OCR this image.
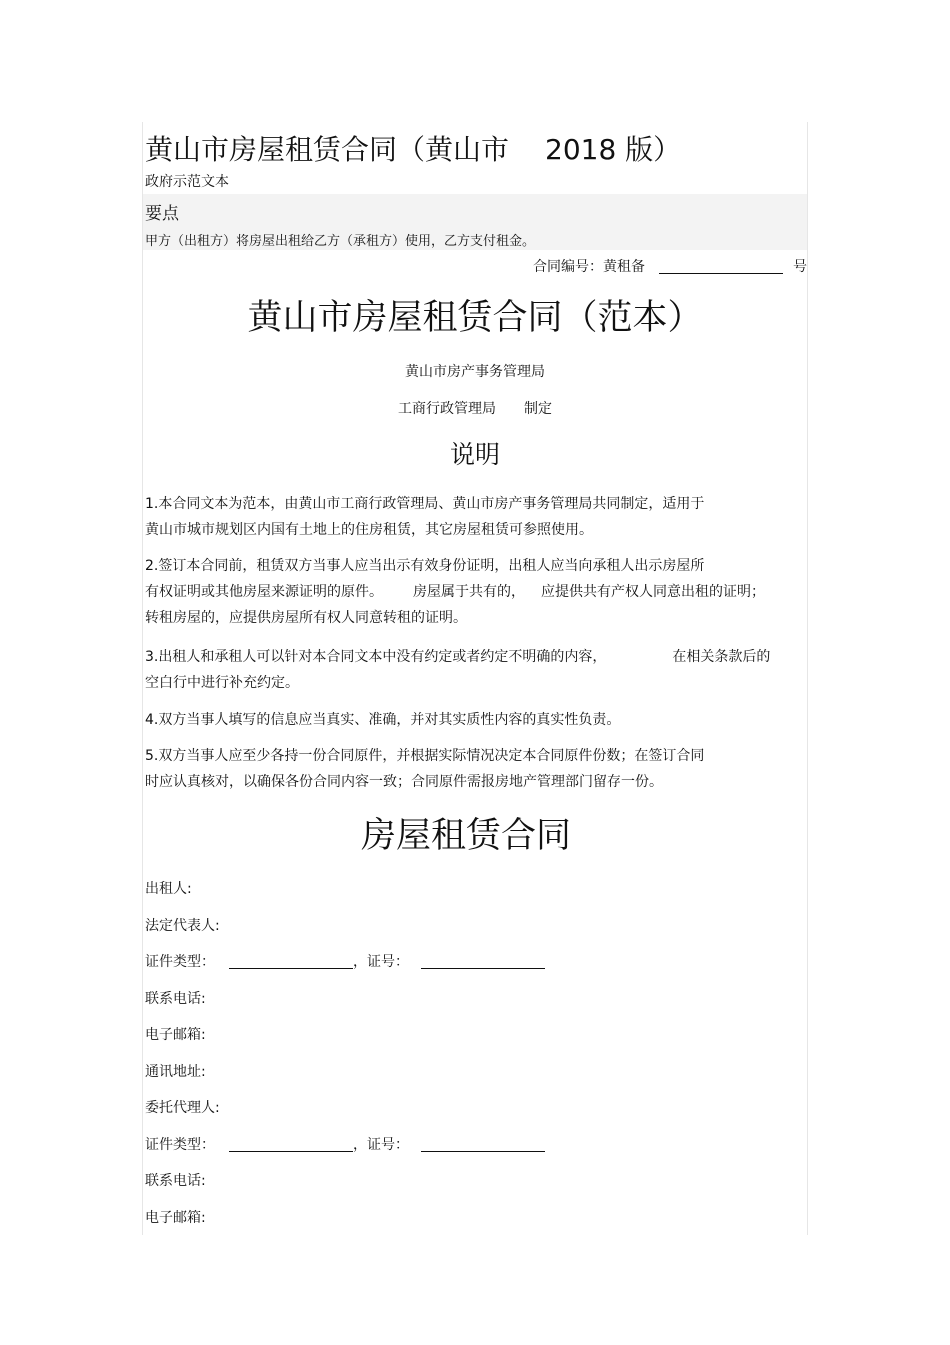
黄山市房屋租赁合同（黄山市 2018 版）
政府示范文本
要点
甲方（出租方）将房屋出租给乙方（承租方）使用，乙方支付租金。
合同编号：黄租备	号
黄山市房屋租赁合同（范本）
黄山市房产事务管理局
工商行政管理局 制定
说明
1.本合同文本为范本，由黄山市工商行政管理局、黄山市房产事务管理局共同制定，适用于
黄山市城市规划区内国有土地上的住房租赁，其它房屋租赁可参照使用。
2.签订本合同前，租赁双方当事人应当出示有效身份证明，出租人应当向承租人出示房屋所
有权证明或其他房屋来源证明的原件。 房屋属于共有的， 应提供共有产权人同意出租的证明；
转租房屋的，应提供房屋所有权人同意转租的证明。
3.出租人和承租人可以针对本合同文本中没有约定或者约定不明确的内容，	在相关条款后的
空白行中进行补充约定。
4.双方当事人填写的信息应当真实、准确，并对其实质性内容的真实性负责。
5.双方当事人应至少各持一份合同原件，并根据实际情况决定本合同原件份数；在签订合同
时应认真核对，以确保各份合同内容一致；合同原件需报房地产管理部门留存一份。
房屋租赁合同
出租人:
法定代表人:
证件类型：	，证号：
联系电话:
电子邮箱:
通讯地址:
委托代理人:
证件类型：	，证号：
联系电话:
电子邮箱:
